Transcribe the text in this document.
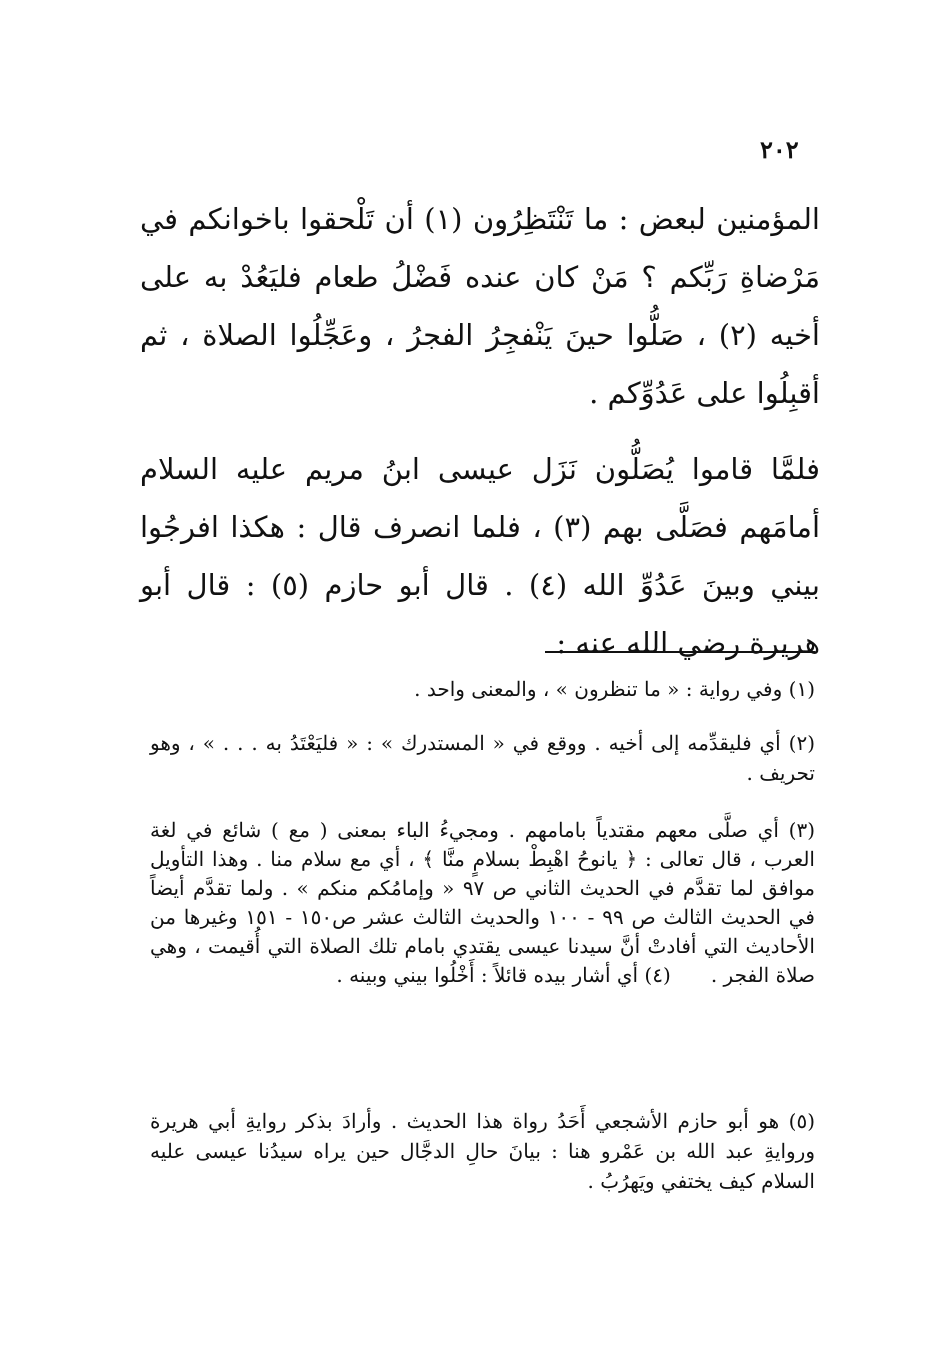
٢٠٢

المؤمنين لبعض : ما تَنْتَظِرُون (١) أن تَلْحقوا باخوانكم في مَرْضاةِ رَبِّكم ؟ مَنْ كان عنده فَضْلُ طعام فليَعُدْ به على أخيه (٢) ، صَلُّوا حينَ يَنْفجِرُ الفجرُ ، وعَجِّلُوا الصلاة ، ثم أقبِلُوا على عَدُوِّكم .

فلمَّا قاموا يُصَلُّون نَزَل عيسى ابنُ مريم عليه السلام أمامَهم فصَلَّى بهم (٣) ، فلما انصرف قال : هكذا افرجُوا بيني وبينَ عَدُوِّ الله (٤) . قال أبو حازم (٥) : قال أبو هريرة رضي الله عنه :

(١) وفي رواية : « ما تنظرون » ، والمعنى واحد .

(٢) أي فليقدِّمه إلى أخيه . ووقع في « المستدرك » : « فليَعْتَدُ به . . . » ، وهو تحريف .

(٣) أي صلَّى معهم مقتدياً بامامهم . ومجيءُ الباء بمعنى ( مع ) شائع في لغة العرب ، قال تعالى : ﴿ يانوحُ اهْبِطْ بسلامٍ منَّا ﴾ ، أي مع سلام منا . وهذا التأويل موافق لما تقدَّم في الحديث الثاني ص ٩٧ « وإمامُكم منكم » . ولما تقدَّم أيضاً في الحديث الثالث ص ٩٩ - ١٠٠ والحديث الثالث عشر ص١٥٠ - ١٥١ وغيرها من الأحاديث التي أفادتْ أنَّ سيدنا عيسى يقتدي بامام تلك الصلاة التي أُقيمت ، وهي صلاة الفجر .(٤) أي أشار بيده قائلاً : أَخْلُوا بيني وبينه .

(٥) هو أبو حازم الأشجعي أَحَدُ رواة هذا الحديث . وأرادَ بذكر روايةِ أبي هريرة وروايةِ عبد الله بن عَمْرو هنا : بيانَ حالِ الدجَّال حين يراه سيدُنا عيسى عليه السلام كيف يختفي ويَهرُبُ .
